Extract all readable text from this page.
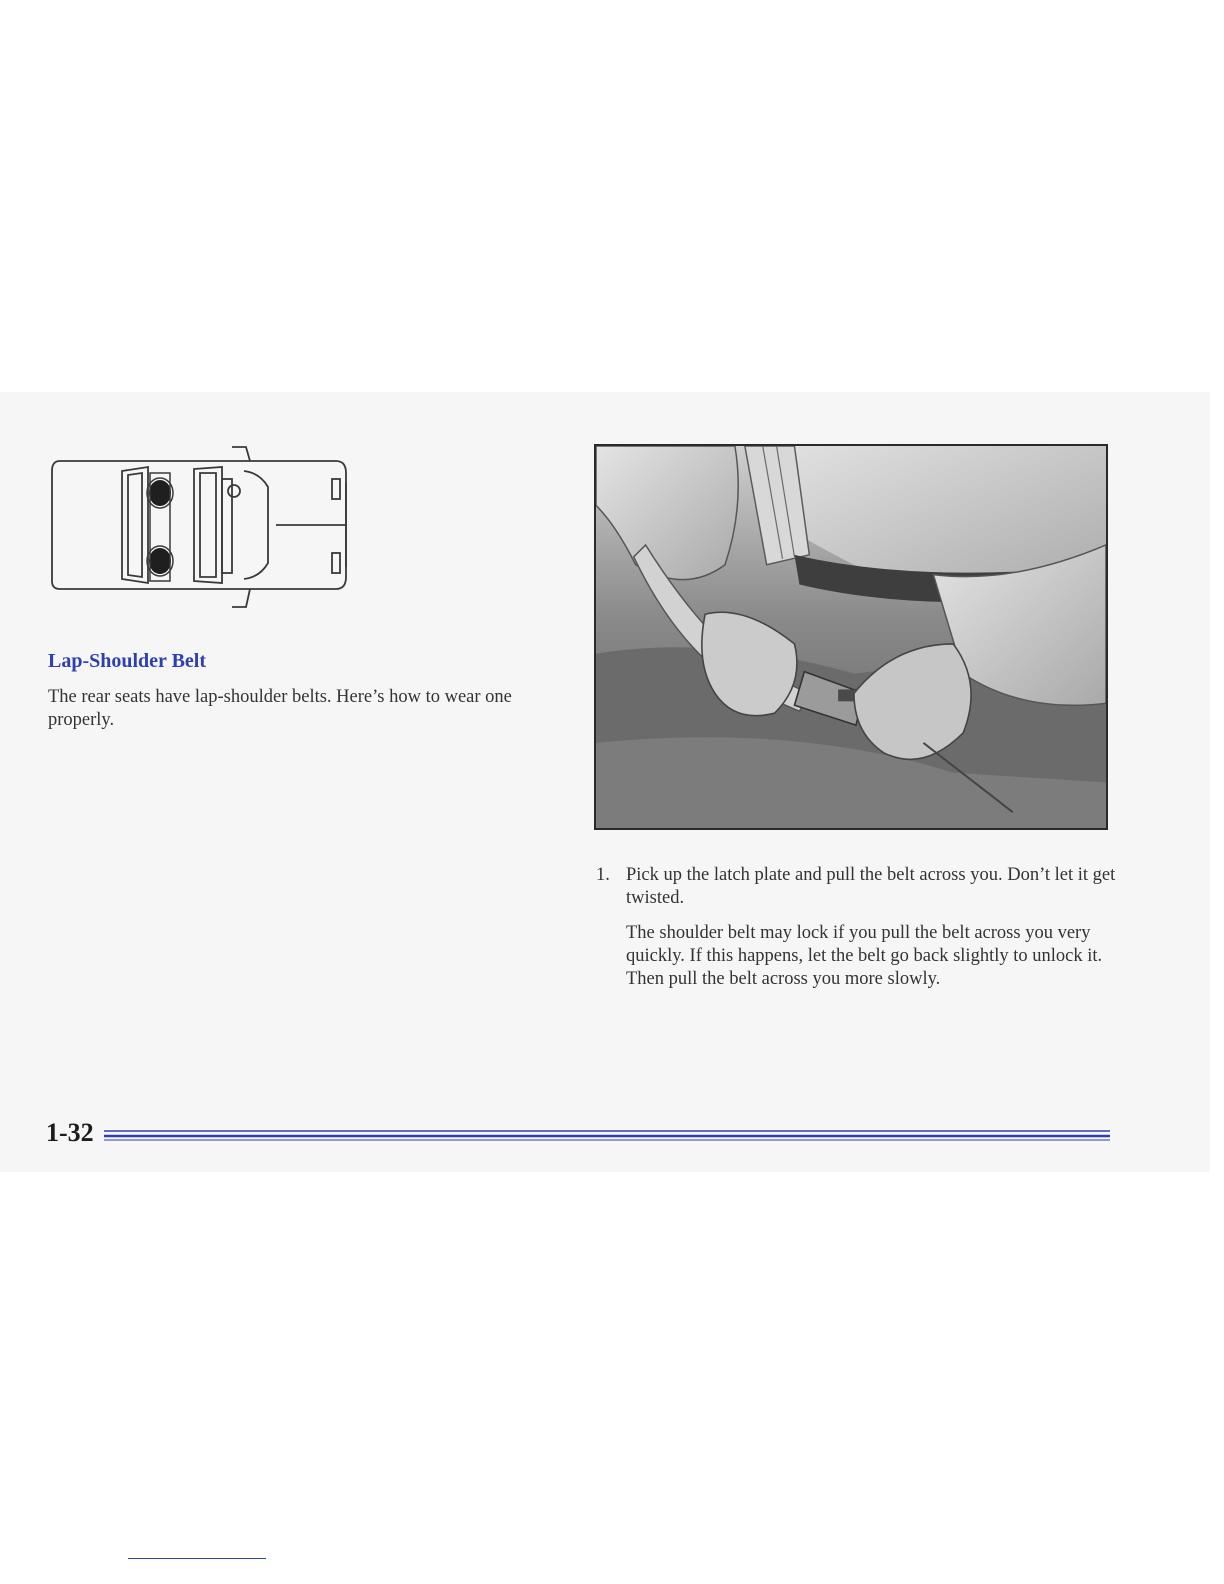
Lap-Shoulder Belt

The rear seats have lap-shoulder belts. Here’s how to wear one properly.

1. Pick up the latch plate and pull the belt across you. Don’t let it get twisted.

The shoulder belt may lock if you pull the belt across you very quickly. If this happens, let the belt go back slightly to unlock it. Then pull the belt across you more slowly.

1-32
